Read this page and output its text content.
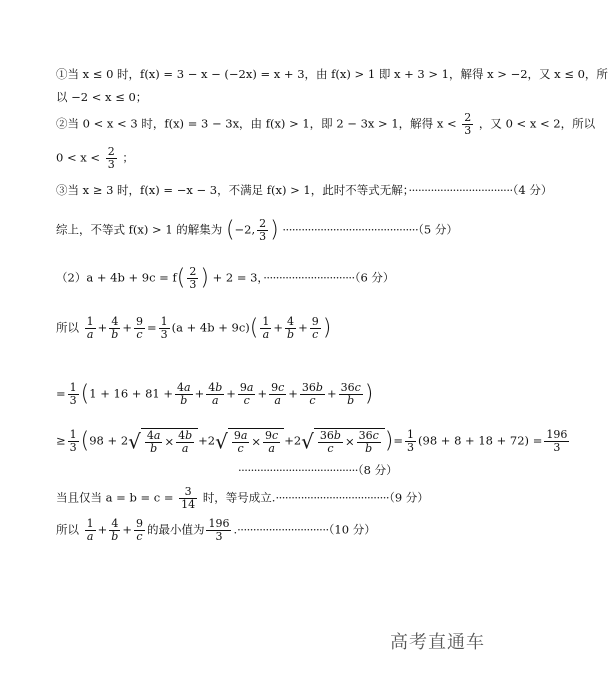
①当 x ≤ 0 时，f(x) = 3 − x − (−2x) = x + 3，由 f(x) > 1 即 x + 3 > 1，解得 x > −2，又 x ≤ 0，所
以 −2 < x ≤ 0；
②当 0 < x < 3 时，f(x) = 3 − 3x，由 f(x) > 1，即 2 − 3x > 1，解得 $x < \frac{2}{3}$ ，又 0 < x < 2，所以
$0 < x < \frac{2}{3}$ ；
③当 x ≥ 3 时，f(x) = −x − 3，不满足 f(x) > 1，此时不等式无解；·································（4 分）
综上，不等式 f(x) > 1 的解集为 (−2, $\frac{2}{3}$ ) ···········································（5 分）
$(2)a + 4b + 9c = f( \frac{2}{3}$ ) + 2 = 3，·····························（6 分）
所以 $\frac{1}{a} + \frac{4}{b} + \frac{9}{c} = \frac{1}{3} (a + 4b + 9c)( \frac{1}{a} + \frac{4}{b} + \frac{9}{c}$ )
= $\frac{1}{3} (1 + 16 + 81 + \frac{4a}{b} + \frac{4b}{a} + \frac{9a}{c} + \frac{9c}{a} + \frac{36b}{c} + \frac{36c}{b}$ )
≥ $\frac{1}{3} (98 + 2√ \frac{4a}{b} \times \frac{4b}{a} +2√ \frac{9a}{c} \times \frac{9c}{a} +2√ \frac{36b}{c} \times \frac{36c}{b}$ )= $\frac{1}{3} (98 + 8 + 18 + 72) = \frac{196}{3}$
······································（8 分）
当且仅当 $a = b = c = \frac{3}{14}$ 时，等号成立.····································（9 分）
所以 $\frac{1}{a} + \frac{4}{b} + \frac{9}{c}$ 的最小值为 $\frac{196}{3} .\cdot\cdot\cdot\cdot\cdot\cdot\cdot\cdot\cdot\cdot\cdot\cdot\cdot\cdot\cdot\cdot\cdot\cdot\cdot\cdot\cdot\cdot\cdot\cdot\cdot\cdot\cdot\cdot\cdot(10$ 分）
高考直通车
